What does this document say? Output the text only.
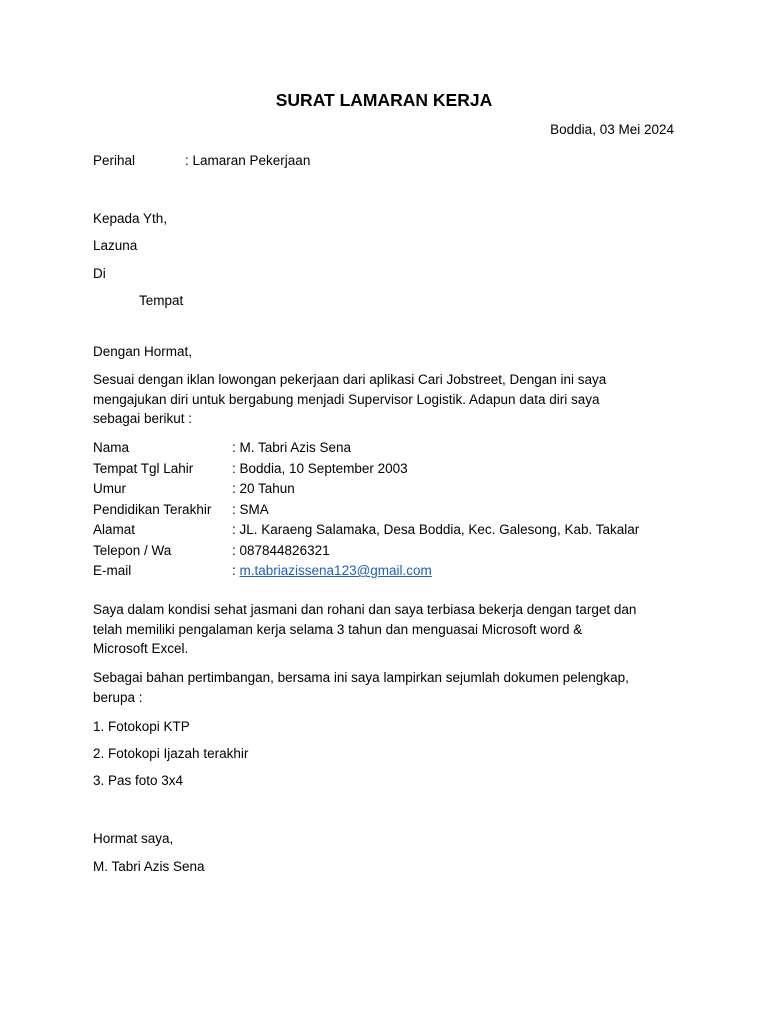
SURAT LAMARAN KERJA
Boddia, 03 Mei 2024
Perihal	: Lamaran Pekerjaan
Kepada Yth,
Lazuna
Di
Tempat
Dengan Hormat,
Sesuai dengan iklan lowongan pekerjaan dari aplikasi Cari Jobstreet, Dengan ini saya
mengajukan diri untuk bergabung menjadi Supervisor Logistik. Adapun data diri saya
sebagai berikut :
Nama	: M. Tabri Azis Sena
Tempat Tgl Lahir	: Boddia, 10 September 2003
Umur	: 20 Tahun
Pendidikan Terakhir : SMA
Alamat	: JL. Karaeng Salamaka, Desa Boddia, Kec. Galesong, Kab. Takalar
Telepon / Wa	: 087844826321
E-mail	: m.tabriazissena123@gmail.com
Saya dalam kondisi sehat jasmani dan rohani dan saya terbiasa bekerja dengan target dan
telah memiliki pengalaman kerja selama 3 tahun dan menguasai Microsoft word &
Microsoft Excel.
Sebagai bahan pertimbangan, bersama ini saya lampirkan sejumlah dokumen pelengkap,
berupa :
1. Fotokopi KTP
2. Fotokopi Ijazah terakhir
3. Pas foto 3x4
Hormat saya,
M. Tabri Azis Sena
